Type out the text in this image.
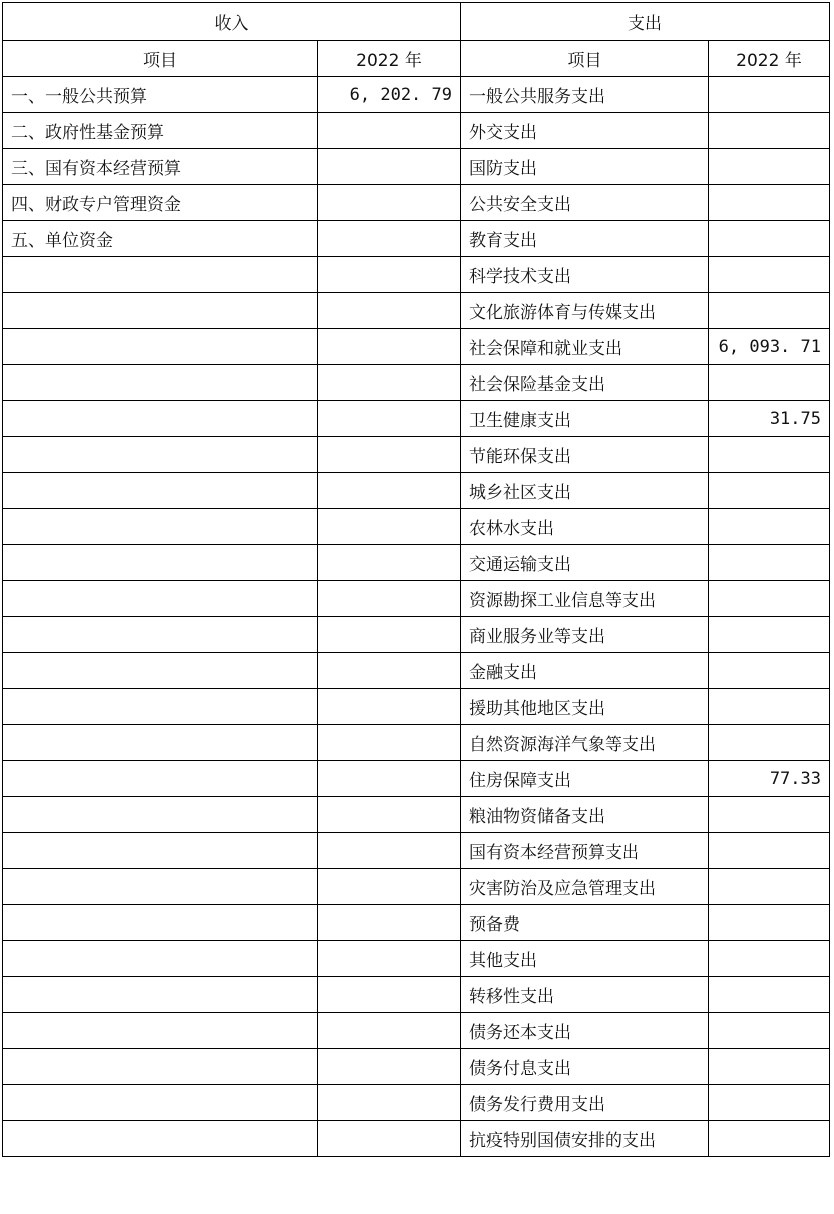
收入		支出	
项目	2022 年	项目	2022 年
一、一般公共预算	6, 202. 79	一般公共服务支出	
二、政府性基金预算		外交支出	
三、国有资本经营预算		国防支出	
四、财政专户管理资金		公共安全支出	
五、单位资金		教育支出	
		科学技术支出	
		文化旅游体育与传媒支出	
		社会保障和就业支出	6, 093. 71
		社会保险基金支出	
		卫生健康支出	31.75
		节能环保支出	
		城乡社区支出	
		农林水支出	
		交通运输支出	
		资源勘探工业信息等支出	
		商业服务业等支出	
		金融支出	
		援助其他地区支出	
		自然资源海洋气象等支出	
		住房保障支出	77.33
		粮油物资储备支出	
		国有资本经营预算支出	
		灾害防治及应急管理支出	
		预备费	
		其他支出	
		转移性支出	
		债务还本支出	
		债务付息支出	
		债务发行费用支出	
		抗疫特别国债安排的支出	
